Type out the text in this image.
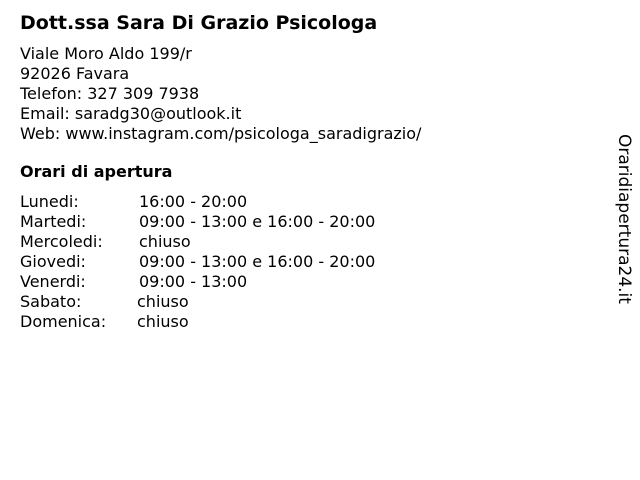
Dott.ssa Sara Di Grazio Psicologa
Viale Moro Aldo 199/r
92026 Favara
Telefon: 327 309 7938
Email: saradg30@outlook.it
Web: www.instagram.com/psicologa_saradigrazio/
Orari di apertura
Lunedi:	16:00 - 20:00
Martedi:	09:00 - 13:00 e 16:00 - 20:00
Mercoledi: chiuso
Giovedi:	09:00 - 13:00 e 16:00 - 20:00
Venerdi:	09:00 - 13:00
Sabato:	chiuso
Domenica: chiuso
Oraridiapertura24.it
